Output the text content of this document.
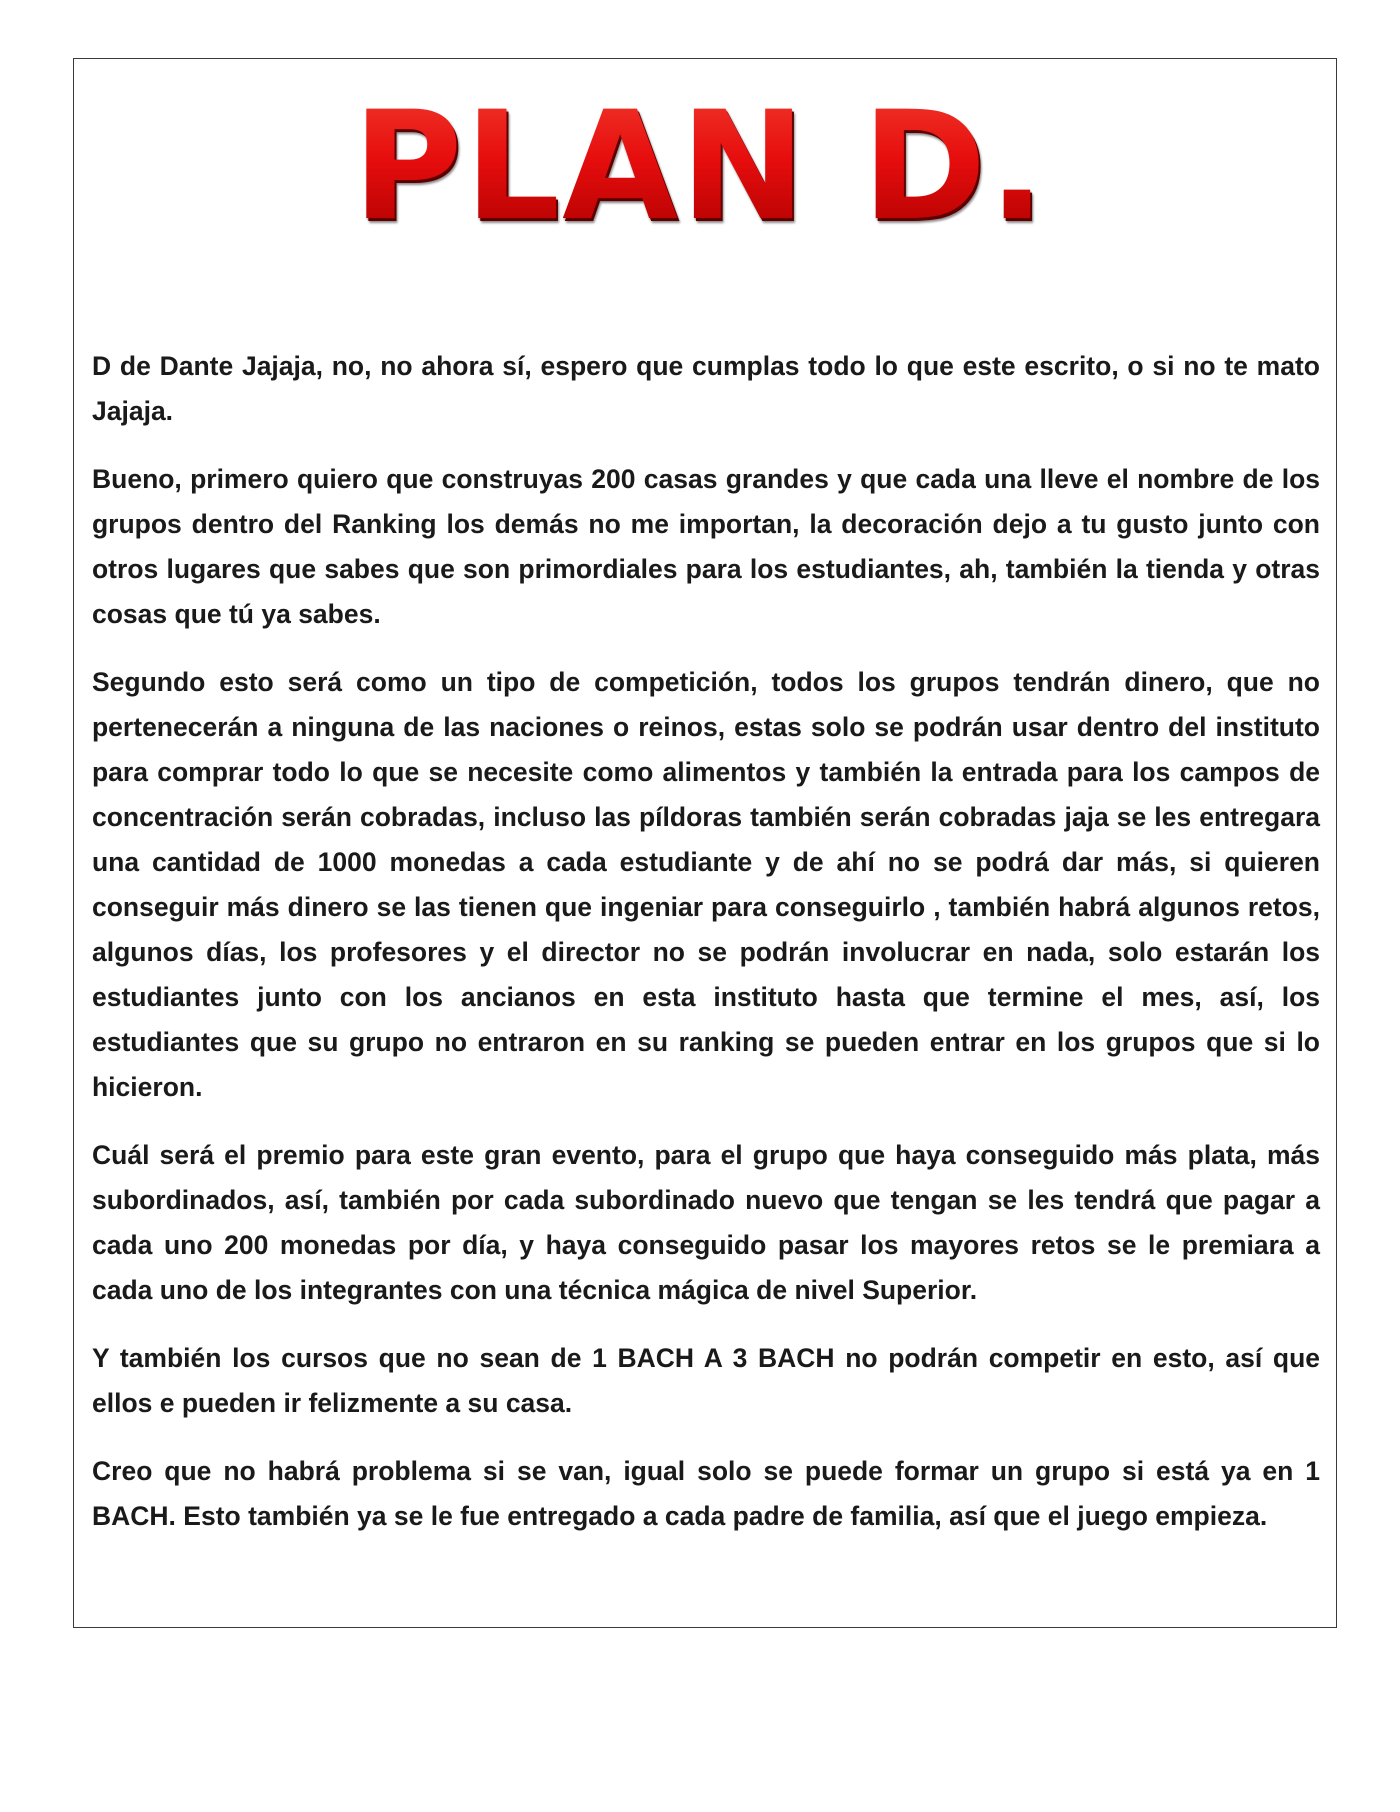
PLAN D.

D de Dante Jajaja, no, no ahora sí, espero que cumplas todo lo que este escrito, o si no te mato Jajaja.

Bueno, primero quiero que construyas 200 casas grandes y que cada una lleve el nombre de los grupos dentro del Ranking los demás no me importan, la decoración dejo a tu gusto junto con otros lugares que sabes que son primordiales para los estudiantes, ah, también la tienda y otras cosas que tú ya sabes.

Segundo esto será como un tipo de competición, todos los grupos tendrán dinero, que no pertenecerán a ninguna de las naciones o reinos, estas solo se podrán usar dentro del instituto para comprar todo lo que se necesite como alimentos y también la entrada para los campos de concentración serán cobradas, incluso las píldoras también serán cobradas jaja se les entregara una cantidad de 1000 monedas a cada estudiante y de ahí no se podrá dar más, si quieren conseguir más dinero se las tienen que ingeniar para conseguirlo , también habrá algunos retos, algunos días, los profesores y el director no se podrán involucrar en nada, solo estarán los estudiantes junto con los ancianos en esta instituto hasta que termine el mes, así, los estudiantes que su grupo no entraron en su ranking se pueden entrar en los grupos que si lo hicieron.

Cuál será el premio para este gran evento, para el grupo que haya conseguido más plata, más subordinados, así, también por cada subordinado nuevo que tengan se les tendrá que pagar a cada uno 200 monedas por día, y haya conseguido pasar los mayores retos se le premiara a cada uno de los integrantes con una técnica mágica de nivel Superior.

Y también los cursos que no sean de 1 BACH A 3 BACH no podrán competir en esto, así que ellos e pueden ir felizmente a su casa.

Creo que no habrá problema si se van, igual solo se puede formar un grupo si está ya en 1 BACH. Esto también ya se le fue entregado a cada padre de familia, así que el juego empieza.
